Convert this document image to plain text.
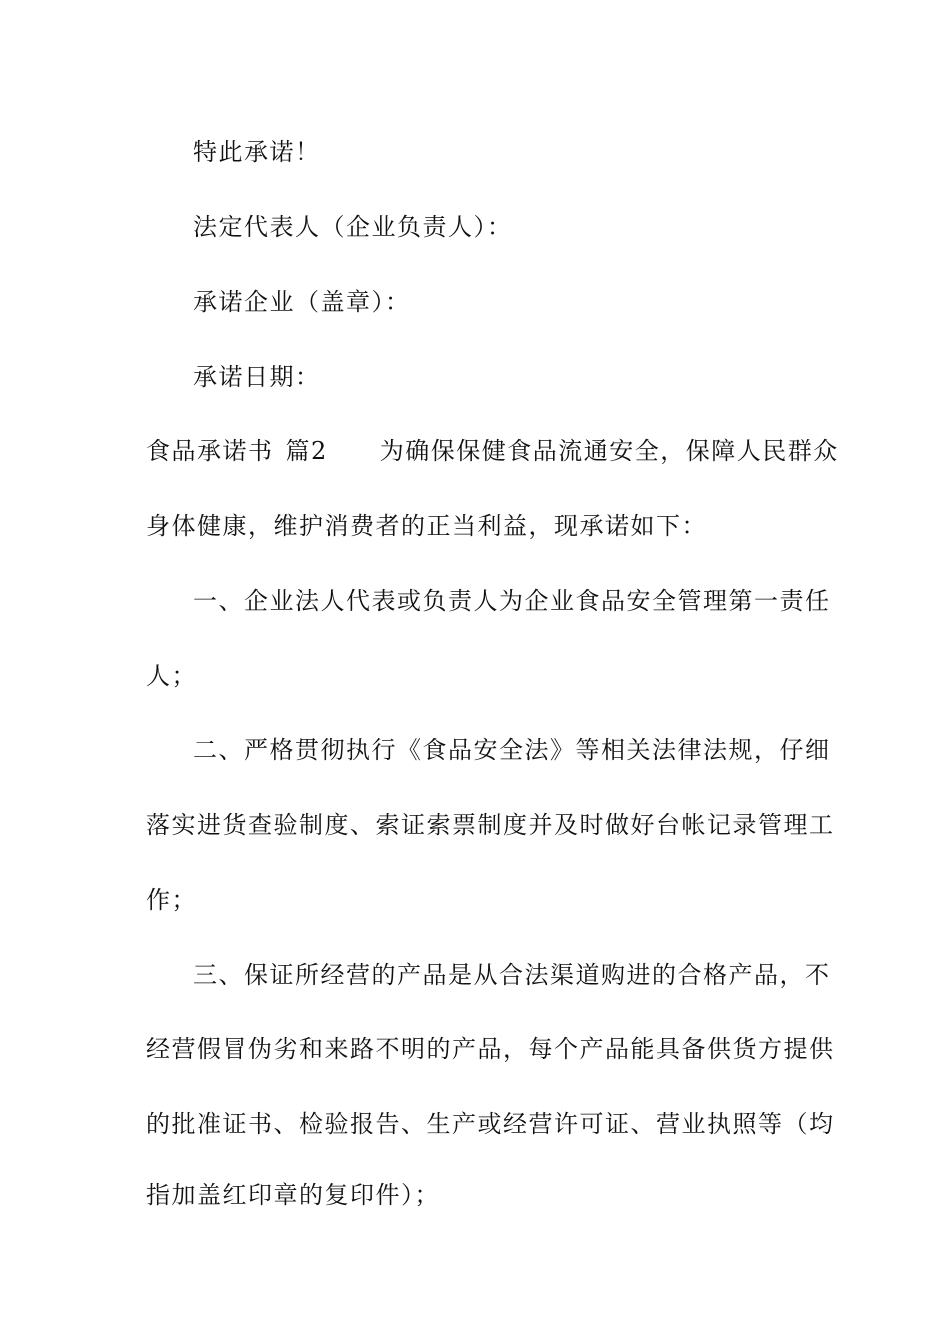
特此承诺！
法定代表人（企业负责人）：
承诺企业（盖章）：
承诺日期：
食品承诺书 篇2 为确保保健食品流通安全，保障人民群众
身体健康，维护消费者的正当利益，现承诺如下：
一、企业法人代表或负责人为企业食品安全管理第一责任
人；
二、严格贯彻执行《食品安全法》等相关法律法规，仔细
落实进货查验制度、索证索票制度并及时做好台帐记录管理工
作；
三、保证所经营的产品是从合法渠道购进的合格产品，不
经营假冒伪劣和来路不明的产品，每个产品能具备供货方提供
的批准证书、检验报告、生产或经营许可证、营业执照等（均
指加盖红印章的复印件）；
